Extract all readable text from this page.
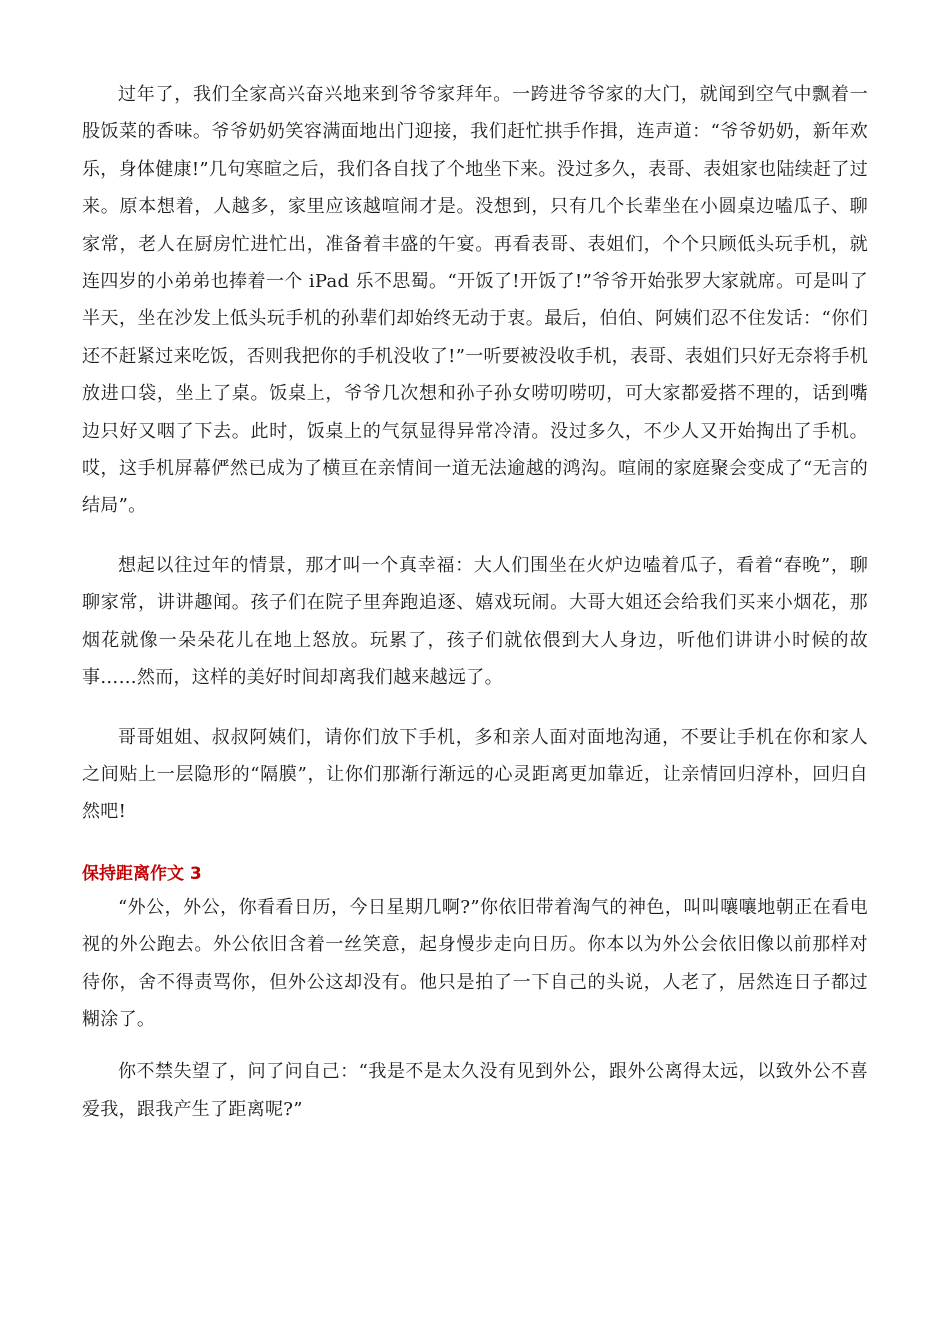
过年了，我们全家高兴奋兴地来到爷爷家拜年。一跨进爷爷家的大门，就闻到空气中飘着一股饭菜的香味。爷爷奶奶笑容满面地出门迎接，我们赶忙拱手作揖，连声道：“爷爷奶奶，新年欢乐，身体健康!”几句寒暄之后，我们各自找了个地坐下来。没过多久，表哥、表姐家也陆续赶了过来。原本想着，人越多，家里应该越喧闹才是。没想到，只有几个长辈坐在小圆桌边嗑瓜子、聊家常，老人在厨房忙进忙出，准备着丰盛的午宴。再看表哥、表姐们，个个只顾低头玩手机，就连四岁的小弟弟也捧着一个 iPad 乐不思蜀。“开饭了!开饭了!”爷爷开始张罗大家就席。可是叫了半天，坐在沙发上低头玩手机的孙辈们却始终无动于衷。最后，伯伯、阿姨们忍不住发话：“你们还不赶紧过来吃饭，否则我把你的手机没收了!”一听要被没收手机，表哥、表姐们只好无奈将手机放进口袋，坐上了桌。饭桌上，爷爷几次想和孙子孙女唠叨唠叨，可大家都爱搭不理的，话到嘴边只好又咽了下去。此时，饭桌上的气氛显得异常冷清。没过多久，不少人又开始掏出了手机。哎，这手机屏幕俨然已成为了横亘在亲情间一道无法逾越的鸿沟。喧闹的家庭聚会变成了“无言的结局”。

想起以往过年的情景，那才叫一个真幸福：大人们围坐在火炉边嗑着瓜子，看着“春晚”，聊聊家常，讲讲趣闻。孩子们在院子里奔跑追逐、嬉戏玩闹。大哥大姐还会给我们买来小烟花，那烟花就像一朵朵花儿在地上怒放。玩累了，孩子们就依偎到大人身边，听他们讲讲小时候的故事……然而，这样的美好时间却离我们越来越远了。

哥哥姐姐、叔叔阿姨们，请你们放下手机，多和亲人面对面地沟通，不要让手机在你和家人之间贴上一层隐形的“隔膜”，让你们那渐行渐远的心灵距离更加靠近，让亲情回归淳朴，回归自然吧!

保持距离作文 3

“外公，外公，你看看日历，今日星期几啊?”你依旧带着淘气的神色，叫叫嚷嚷地朝正在看电视的外公跑去。外公依旧含着一丝笑意，起身慢步走向日历。你本以为外公会依旧像以前那样对待你，舍不得责骂你，但外公这却没有。他只是拍了一下自己的头说，人老了，居然连日子都过糊涂了。

你不禁失望了，问了问自己：“我是不是太久没有见到外公，跟外公离得太远，以致外公不喜爱我，跟我产生了距离呢?”
